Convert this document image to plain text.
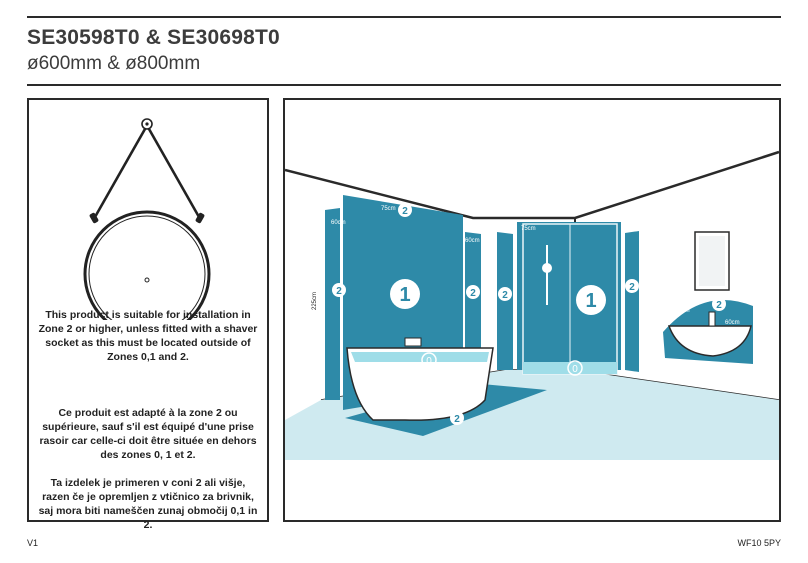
SE30598T0 & SE30698T0
ø600mm & ø800mm
This product is suitable for installation in Zone 2 or higher, unless fitted with a shaver socket as this must be located outside of Zones 0,1 and 2.
Ce produit est adapté à la zone 2 ou supérieure, sauf s'il est équipé d'une prise rasoir car celle-ci doit être située en dehors des zones 0, 1 et 2.
Ta izdelek je primeren v coni 2 ali višje, razen če je opremljen z vtičnico za brivnik, saj mora biti nameščen zunaj območij 0,1 in 2.
1	1
0
0
2	2	2
2
2
2
2
75cm
60cm
60cm
75cm
225cm
60cm
60cm
V1	WF10 5PY
